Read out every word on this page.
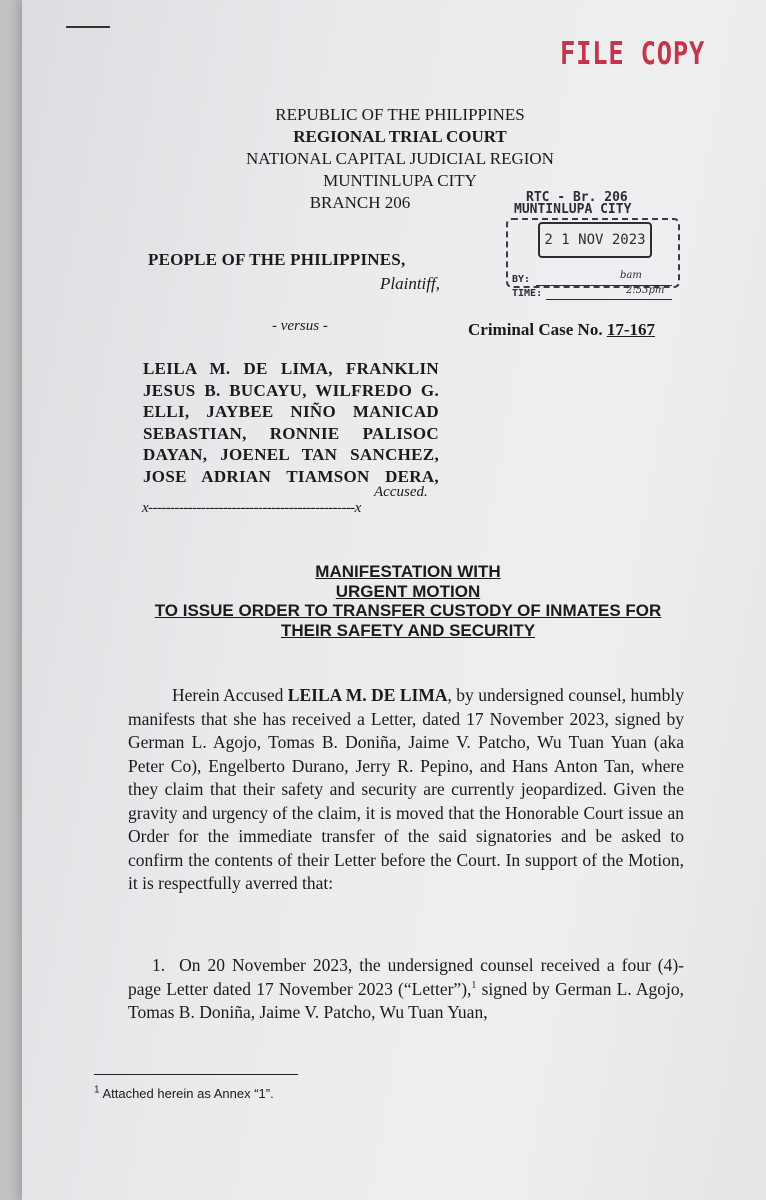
FILE COPY
REPUBLIC OF THE PHILIPPINES
REGIONAL TRIAL COURT
NATIONAL CAPITAL JUDICIAL REGION
MUNTINLUPA CITY
BRANCH 206	RTC - Br. 206
MUNTINLUPA CITY
2 1 NOV 2023
BY:	bam
TIME:	2:53pm
PEOPLE OF THE PHILIPPINES,
Plaintiff,
- versus -	Criminal Case No. 17-167
LEILA M. DE LIMA, FRANKLIN JESUS B. BUCAYU, WILFREDO G. ELLI, JAYBEE NIÑO MANICAD SEBASTIAN, RONNIE PALISOC DAYAN, JOENEL TAN SANCHEZ, JOSE ADRIAN TIAMSON DERA,
Accused.
x-----------------------------------------------x
MANIFESTATION WITH
URGENT MOTION
TO ISSUE ORDER TO TRANSFER CUSTODY OF INMATES FOR
THEIR SAFETY AND SECURITY
Herein Accused LEILA M. DE LIMA, by undersigned counsel, humbly manifests that she has received a Letter, dated 17 November 2023, signed by German L. Agojo, Tomas B. Doniña, Jaime V. Patcho, Wu Tuan Yuan (aka Peter Co), Engelberto Durano, Jerry R. Pepino, and Hans Anton Tan, where they claim that their safety and security are currently jeopardized. Given the gravity and urgency of the claim, it is moved that the Honorable Court issue an Order for the immediate transfer of the said signatories and be asked to confirm the contents of their Letter before the Court. In support of the Motion, it is respectfully averred that:
1. On 20 November 2023, the undersigned counsel received a four (4)-page Letter dated 17 November 2023 (“Letter”),$^1$ signed by German L. Agojo, Tomas B. Doniña, Jaime V. Patcho, Wu Tuan Yuan,
$^1$ Attached herein as Annex “1”.
